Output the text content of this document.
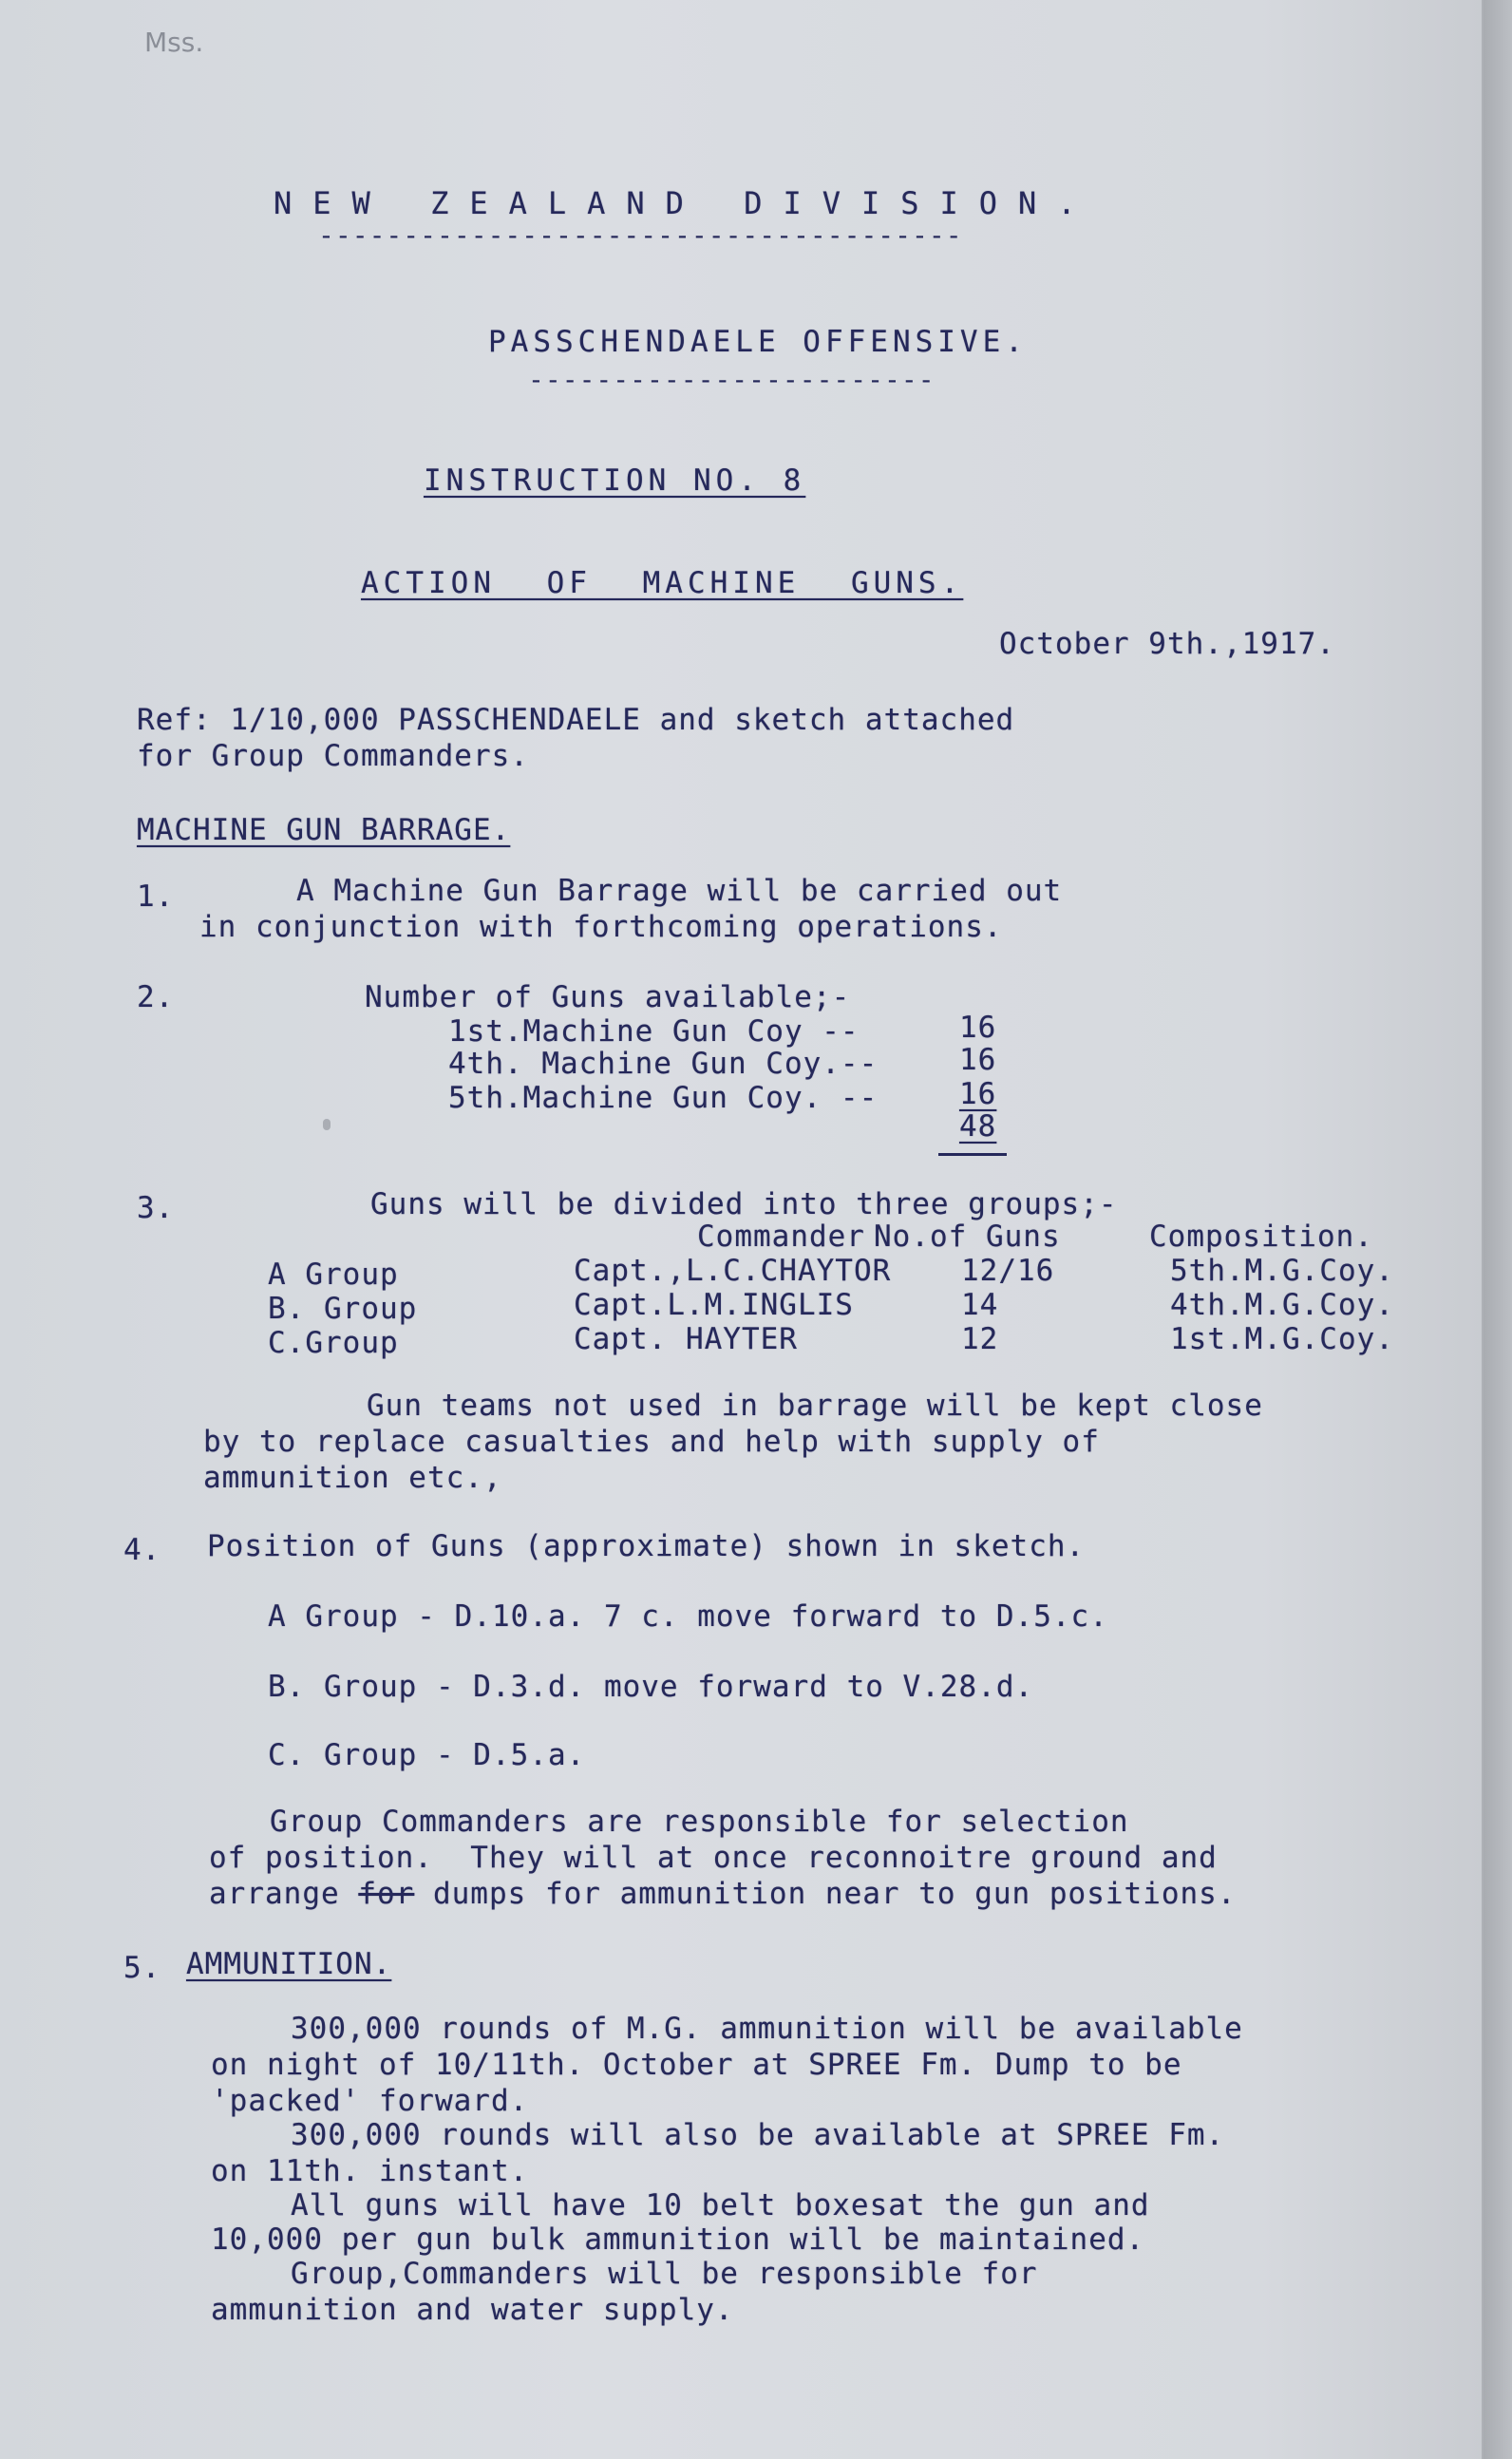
Mss.
NEW ZEALAND DIVISION.
--------------------------------------
PASSCHENDAELE OFFENSIVE.
------------------------
INSTRUCTION NO. 8
ACTION OF MACHINE GUNS.
October 9th.,1917.
Ref: 1/10,000 PASSCHENDAELE and sketch attached
for Group Commanders.
MACHINE GUN BARRAGE.
1.	A Machine Gun Barrage will be carried out
in conjunction with forthcoming operations.
2.	Number of Guns available;-
1st.Machine Gun Coy --	16
4th. Machine Gun Coy.--	16
5th.Machine Gun Coy. --	16
48
3.	Guns will be divided into three groups;-
Commander No.of Guns	Composition.
A Group	Capt.,L.C.CHAYTOR 12/16	5th.M.G.Coy.
B. Group	Capt.L.M.INGLIS	14	4th.M.G.Coy.
C.Group	Capt. HAYTER	12	1st.M.G.Coy.
Gun teams not used in barrage will be kept close
by to replace casualties and help with supply of
ammunition etc.,
4. Position of Guns (approximate) shown in sketch.
A Group - D.10.a. 7 c. move forward to D.5.c.
B. Group - D.3.d. move forward to V.28.d.
C. Group - D.5.a.
Group Commanders are responsible for selection
of position.  They will at once reconnoitre ground and
arrange for dumps for ammunition near to gun positions.
5. AMMUNITION.
300,000 rounds of M.G. ammunition will be available
on night of 10/11th. October at SPREE Fm. Dump to be
'packed' forward.
300,000 rounds will also be available at SPREE Fm.
on 11th. instant.
All guns will have 10 belt boxesat the gun and
10,000 per gun bulk ammunition will be maintained.
Group,Commanders will be responsible for
ammunition and water supply.
